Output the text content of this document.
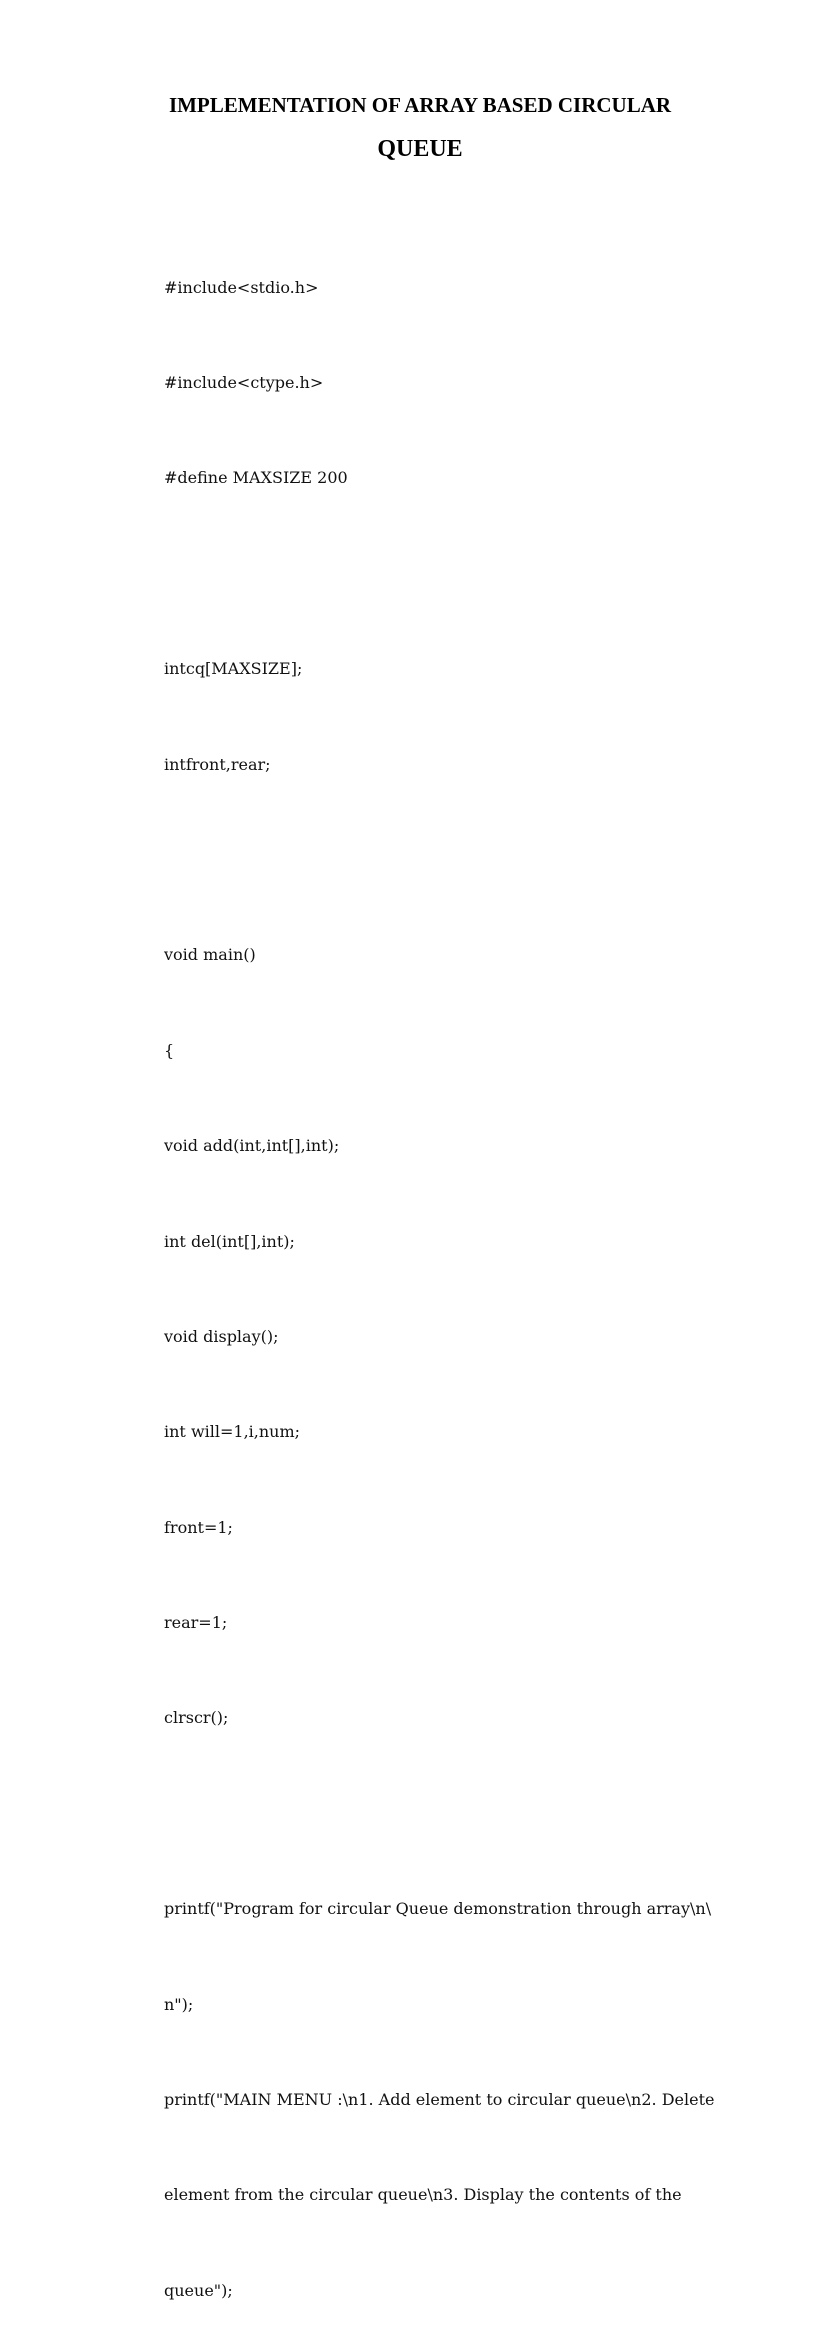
IMPLEMENTATION OF ARRAY BASED CIRCULAR
QUEUE

#include<stdio.h>

#include<ctype.h>

#define MAXSIZE 200

intcq[MAXSIZE];

intfront,rear;

void main()

{

void add(int,int[],int);

int del(int[],int);

void display();

int will=1,i,num;

front=1;

rear=1;

clrscr();

printf("Program for circular Queue demonstration through array\n\

n");

printf("MAIN MENU :\n1. Add element to circular queue\n2. Delete

element from the circular queue\n3. Display the contents of the

queue");
